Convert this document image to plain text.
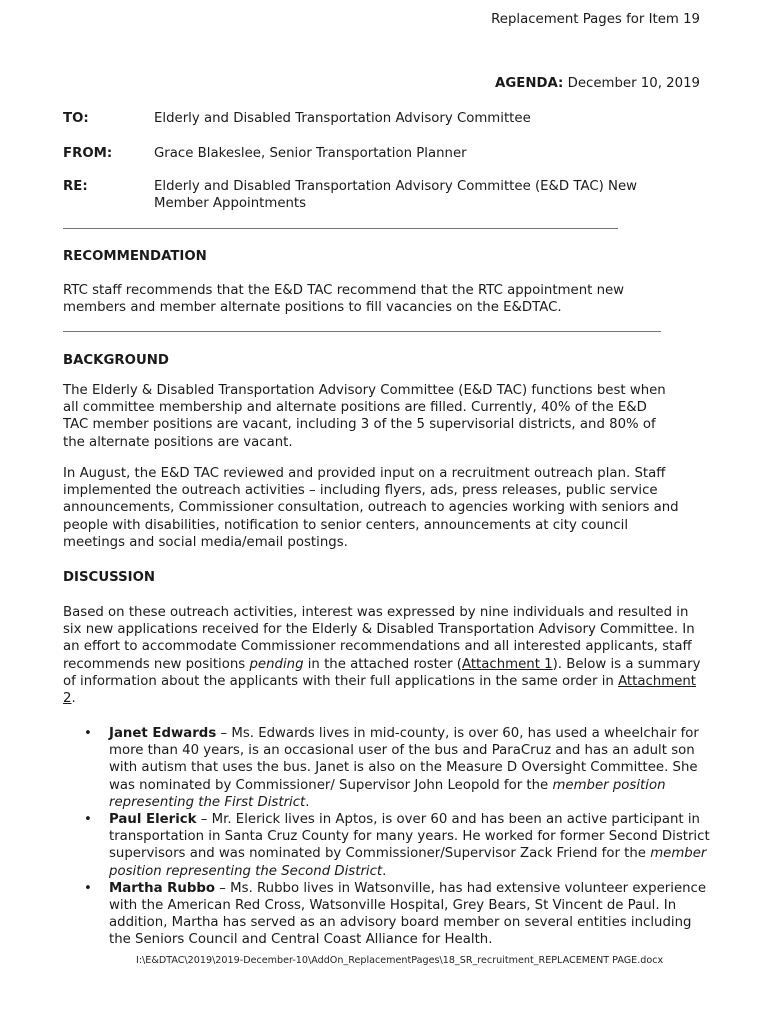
Replacement Pages for Item 19
AGENDA: December 10, 2019
TO:	Elderly and Disabled Transportation Advisory Committee
FROM:	Grace Blakeslee, Senior Transportation Planner
RE:	Elderly and Disabled Transportation Advisory Committee (E&D TAC) New Member Appointments
RECOMMENDATION

RTC staff recommends that the E&D TAC recommend that the RTC appointment new members and member alternate positions to fill vacancies on the E&DTAC.

BACKGROUND

The Elderly & Disabled Transportation Advisory Committee (E&D TAC) functions best when all committee membership and alternate positions are filled. Currently, 40% of the E&D TAC member positions are vacant, including 3 of the 5 supervisorial districts, and 80% of the alternate positions are vacant.

In August, the E&D TAC reviewed and provided input on a recruitment outreach plan. Staff implemented the outreach activities – including flyers, ads, press releases, public service announcements, Commissioner consultation, outreach to agencies working with seniors and people with disabilities, notification to senior centers, announcements at city council meetings and social media/email postings.

DISCUSSION

Based on these outreach activities, interest was expressed by nine individuals and resulted in six new applications received for the Elderly & Disabled Transportation Advisory Committee. In an effort to accommodate Commissioner recommendations and all interested applicants, staff recommends new positions pending in the attached roster (Attachment 1). Below is a summary of information about the applicants with their full applications in the same order in Attachment 2.

• Janet Edwards – Ms. Edwards lives in mid-county, is over 60, has used a wheelchair for more than 40 years, is an occasional user of the bus and ParaCruz and has an adult son with autism that uses the bus. Janet is also on the Measure D Oversight Committee. She was nominated by Commissioner/ Supervisor John Leopold for the member position representing the First District.
• Paul Elerick – Mr. Elerick lives in Aptos, is over 60 and has been an active participant in transportation in Santa Cruz County for many years. He worked for former Second District supervisors and was nominated by Commissioner/Supervisor Zack Friend for the member position representing the Second District.
• Martha Rubbo – Ms. Rubbo lives in Watsonville, has had extensive volunteer experience with the American Red Cross, Watsonville Hospital, Grey Bears, St Vincent de Paul. In addition, Martha has served as an advisory board member on several entities including the Seniors Council and Central Coast Alliance for Health.
I:\E&DTAC\2019\2019-December-10\AddOn_ReplacementPages\18_SR_recruitment_REPLACEMENT PAGE.docx
